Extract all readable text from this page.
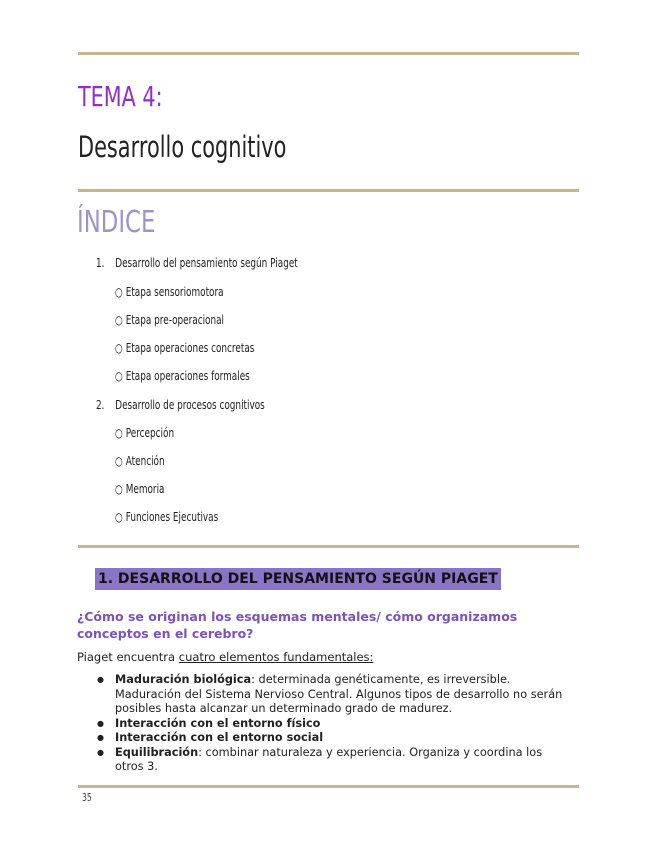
TEMA 4:
Desarrollo cognitivo
ÍNDICE
1. Desarrollo del pensamiento según Piaget
○ Etapa sensoriomotora
○ Etapa pre-operacional
○ Etapa operaciones concretas
○ Etapa operaciones formales
2. Desarrollo de procesos cognitivos
○ Percepción
○ Atención
○ Memoria
○ Funciones Ejecutivas
1. DESARROLLO DEL PENSAMIENTO SEGÚN PIAGET
¿Cómo se originan los esquemas mentales/ cómo organizamos conceptos en el cerebro?
Piaget encuentra cuatro elementos fundamentales:
● Maduración biológica: determinada genéticamente, es irreversible. Maduración del Sistema Nervioso Central. Algunos tipos de desarrollo no serán posibles hasta alcanzar un determinado grado de madurez.
● Interacción con el entorno físico
● Interacción con el entorno social
● Equilibración: combinar naturaleza y experiencia. Organiza y coordina los otros 3.
35
